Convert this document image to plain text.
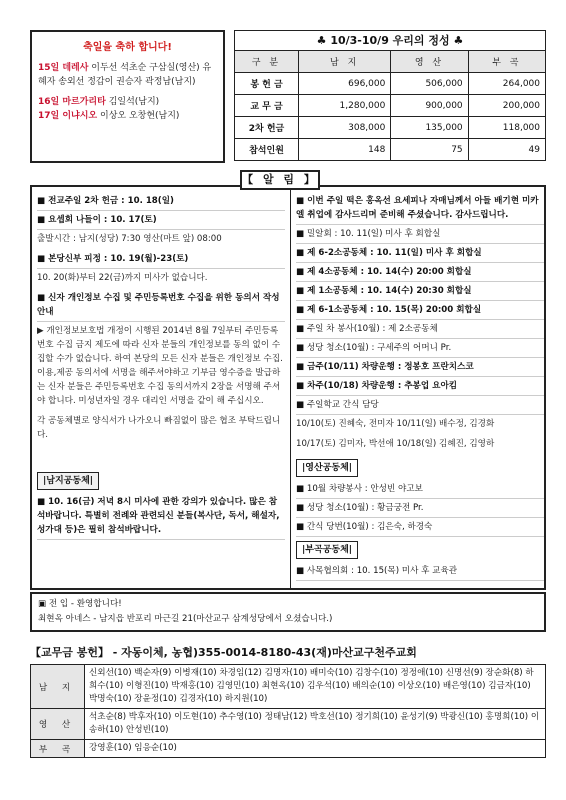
축일을 축하 합니다!
15일 데레사 이두선 석초순 구삼실(영산) 유혜자 송외선 정갑이 권승자 곽정남(남지)
16일 마르가리타 김일석(남지)
17일 이냐시오 이상오 오창현(남지)
♣ 10/3-10/9 우리의 정성 ♣
구 분	남 지	영 산	부 곡
봉 헌 금	696,000	506,000	264,000
교 무 금	1,280,000	900,000	200,000
2차 헌금	308,000	135,000	118,000
참석인원	148	75	49

■ 전교주일 2차 헌금 : 10. 18(일)

■ 요셉회 나들이 : 10. 17(토)

출발시간 : 남지(성당) 7:30 영산(마트 앞) 08:00

■ 본당신부 피정 : 10. 19(월)-23(토)

10. 20(화)부터 22(금)까지 미사가 없습니다.

■ 신자 개인정보 수집 및 주민등록번호 수집을 위한 동의서 작성 안내

▶ 개인정보보호법 개정이 시행된 2014년 8월 7일부터 주민등록번호 수집 금지 제도에 따라 신자 분들의 개인정보를 동의 없이 수집할 수가 없습니다. 하여 본당의 모든 신자 분들은 개인정보 수집.이용,제공 동의서에 서명을 해주셔야하고 기부금 영수증을 발급하는 신자 분들은 주민등록번호 수집 동의서까지 2장을 서명해 주셔야 합니다. 미성년자일 경우 대리인 서명을 같이 해 주십시오.

각 공동체별로 양식서가 나가오니 빠짐없이 많은 협조 부탁드립니다.

|남지공동체|

■ 10. 16(금) 저녁 8시 미사에 관한 강의가 있습니다. 많은 참석바랍니다. 특별히 전례와 관련되신 분들(복사단, 독서, 해설자, 성가대 등)은 필히 참석바랍니다.

■ 이번 주일 떡은 홍옥선 요세피나 자매님께서 아들 배기현 미카엘 취업에 감사드리며 준비해 주셨습니다. 감사드립니다.

■ 밀알회 : 10. 11(일) 미사 후 회합실

■ 제 6-2소공동체 : 10. 11(일) 미사 후 회합실

■ 제 4소공동체 : 10. 14(수) 20:00 회합실

■ 제 1소공동체 : 10. 14(수) 20:30 회합실

■ 제 6-1소공동체 : 10. 15(목) 20:00 회합실

■ 주일 차 봉사(10월) : 제 2소공동체

■ 성당 청소(10월) : 구세주의 어머니 Pr.

■ 금주(10/11) 차량운행 : 정봉호 프란치스코

■ 차주(10/18) 차량운행 : 추봉업 요아킴

■ 주일학교 간식 담당

10/10(토) 진혜숙, 전미자 10/11(일) 배수정, 김경화

10/17(토) 김미자, 박선애 10/18(일) 김혜진, 김영하

|영산공동체|

■ 10월 차량봉사 : 안성빈 야고보

■ 성당 청소(10월) : 황금궁전 Pr.

■ 간식 당번(10월) : 김은숙, 하경숙

|부곡공동체|

■ 사목협의회 : 10. 15(목) 미사 후 교육관

【 알 림 】
▣ 전 입 - 환영합니다!
최현옥 아네스 - 남지읍 반포리 마근길 21(마산교구 삼계성당에서 오셨습니다.)
【교무금 봉헌】 - 자동이체, 농협)355-0014-8180-43(재)마산교구천주교회
남 지	신외선(10) 백순자(9) 이병재(10) 차경임(12) 김명자(10) 배미숙(10) 김창수(10) 정정애(10) 신명선(9) 장순화(8) 하희수(10) 이형진(10) 박재홍(10) 김영민(10) 최현옥(10) 김우석(10) 배의순(10) 이상오(10) 배은영(10) 김금자(10) 박명숙(10) 장윤정(10) 김경자(10) 하지원(10)
영 산	석초순(8) 박후자(10) 이도현(10) 추수영(10) 정태남(12) 박호선(10) 정기희(10) 윤성기(9) 박광신(10) 홍명희(10) 이송하(10) 안성빈(10)
부 곡	강영훈(10) 임응순(10)
